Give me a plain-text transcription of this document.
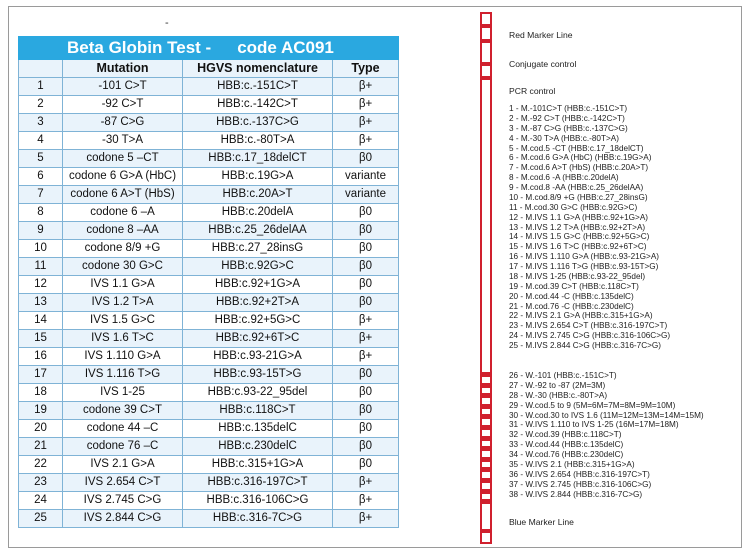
-
Beta Globin Test - code AC091			
	Mutation	HGVS nomenclature	Type
1	-101 C>T	HBB:c.-151C>T	β+
2	-92 C>T	HBB:c.-142C>T	β+
3	-87 C>G	HBB:c.-137C>G	β+
4	-30 T>A	HBB:c.-80T>A	β+
5	codone 5 –CT	HBB:c.17_18delCT	β0
6	codone 6 G>A (HbC)	HBB:c.19G>A	variante
7	codone 6 A>T (HbS)	HBB:c.20A>T	variante
8	codone 6 –A	HBB:c.20delA	β0
9	codone 8 –AA	HBB:c.25_26delAA	β0
10	codone 8/9 +G	HBB:c.27_28insG	β0
11	codone 30 G>C	HBB:c.92G>C	β0
12	IVS 1.1 G>A	HBB:c.92+1G>A	β0
13	IVS 1.2 T>A	HBB:c.92+2T>A	β0
14	IVS 1.5 G>C	HBB:c.92+5G>C	β+
15	IVS 1.6 T>C	HBB:c.92+6T>C	β+
16	IVS 1.110 G>A	HBB:c.93-21G>A	β+
17	IVS 1.116 T>G	HBB:c.93-15T>G	β0
18	IVS 1-25	HBB:c.93-22_95del	β0
19	codone 39 C>T	HBB:c.118C>T	β0
20	codone 44 –C	HBB:c.135delC	β0
21	codone 76 –C	HBB:c.230delC	β0
22	IVS 2.1 G>A	HBB:c.315+1G>A	β0
23	IVS 2.654 C>T	HBB:c.316-197C>T	β+
24	IVS 2.745 C>G	HBB:c.316-106C>G	β+
25	IVS 2.844 C>G	HBB:c.316-7C>G	β+
Red Marker Line
Conjugate control
PCR control
1 - M.-101C>T (HBB:c.-151C>T)
2 - M.-92 C>T (HBB:c.-142C>T)
3 - M.-87 C>G (HBB:c.-137C>G)
4 - M.-30 T>A (HBB:c.-80T>A)
5 - M.cod.5 -CT (HBB:c.17_18delCT)
6 - M.cod.6 G>A (HbC) (HBB:c.19G>A)
7 - M.cod.6 A>T (HbS) (HBB:c.20A>T)
8 - M.cod.6 -A (HBB:c.20delA)
9 - M.cod.8 -AA (HBB:c.25_26delAA)
10 - M.cod.8/9 +G (HBB:c.27_28insG)
11 - M.cod.30 G>C (HBB:c.92G>C)
12 - M.IVS 1.1 G>A (HBB:c.92+1G>A)
13 - M.IVS 1.2 T>A (HBB:c.92+2T>A)
14 - M.IVS 1.5 G>C (HBB:c.92+5G>C)
15 - M.IVS 1.6 T>C (HBB:c.92+6T>C)
16 - M.IVS 1.110 G>A (HBB:c.93-21G>A)
17 - M.IVS 1.116 T>G (HBB:c.93-15T>G)
18 - M.IVS 1-25 (HBB:c.93-22_95del)
19 - M.cod.39 C>T (HBB:c.118C>T)
20 - M.cod.44 -C (HBB:c.135delC)
21 - M.cod.76 -C (HBB:c.230delC)
22 - M.IVS 2.1 G>A (HBB:c.315+1G>A)
23 - M.IVS 2.654 C>T (HBB:c.316-197C>T)
24 - M.IVS 2.745 C>G (HBB:c.316-106C>G)
25 - M.IVS 2.844 C>G (HBB:c.316-7C>G)
26 - W.-101 (HBB:c.-151C>T)
27 - W.-92 to -87 (2M=3M)
28 - W.-30 (HBB:c.-80T>A)
29 - W.cod.5 to 9 (5M=6M=7M=8M=9M=10M)
30 - W.cod.30 to IVS 1.6 (11M=12M=13M=14M=15M)
31 - W.IVS 1.110 to IVS 1-25 (16M=17M=18M)
32 - W.cod.39 (HBB:c.118C>T)
33 - W.cod.44 (HBB:c.135delC)
34 - W.cod.76 (HBB:c.230delC)
35 - W.IVS 2.1 (HBB:c.315+1G>A)
36 - W.IVS 2.654 (HBB:c.316-197C>T)
37 - W.IVS 2.745 (HBB:c.316-106C>G)
38 - W.IVS 2.844 (HBB:c.316-7C>G)
Blue Marker Line
